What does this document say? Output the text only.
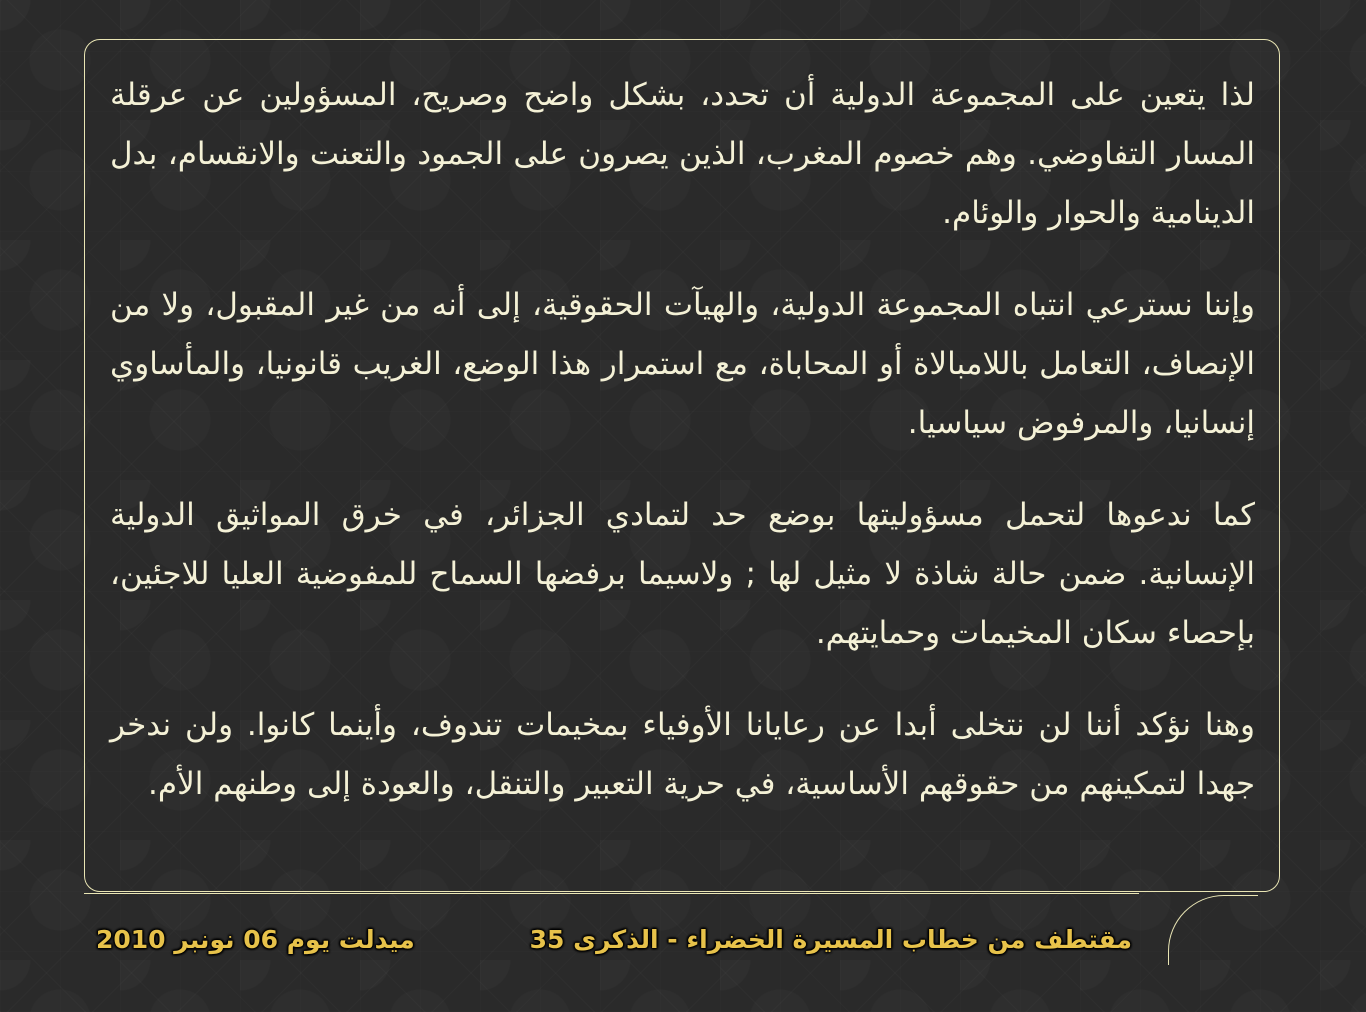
لذا يتعين على المجموعة الدولية أن تحدد، بشكل واضح وصريح، المسؤولين عن عرقلة المسار التفاوضي. وهم خصوم المغرب، الذين يصرون على الجمود والتعنت والانقسام، بدل الدينامية والحوار والوئام.

وإننا نسترعي انتباه المجموعة الدولية، والهيآت الحقوقية، إلى أنه من غير المقبول، ولا من الإنصاف، التعامل باللامبالاة أو المحاباة، مع استمرار هذا الوضع، الغريب قانونيا، والمأساوي إنسانيا، والمرفوض سياسيا.

كما ندعوها لتحمل مسؤوليتها بوضع حد لتمادي الجزائر، في خرق المواثيق الدولية الإنسانية. ضمن حالة شاذة لا مثيل لها ; ولاسيما برفضها السماح للمفوضية العليا للاجئين، بإحصاء سكان المخيمات وحمايتهم.

وهنا نؤكد أننا لن نتخلى أبدا عن رعايانا الأوفياء بمخيمات تندوف، وأينما كانوا. ولن ندخر جهدا لتمكينهم من حقوقهم الأساسية، في حرية التعبير والتنقل، والعودة إلى وطنهم الأم.

مقتطف من خطاب المسيرة الخضراء - الذكرى 35
ميدلت يوم 06 نونبر 2010
